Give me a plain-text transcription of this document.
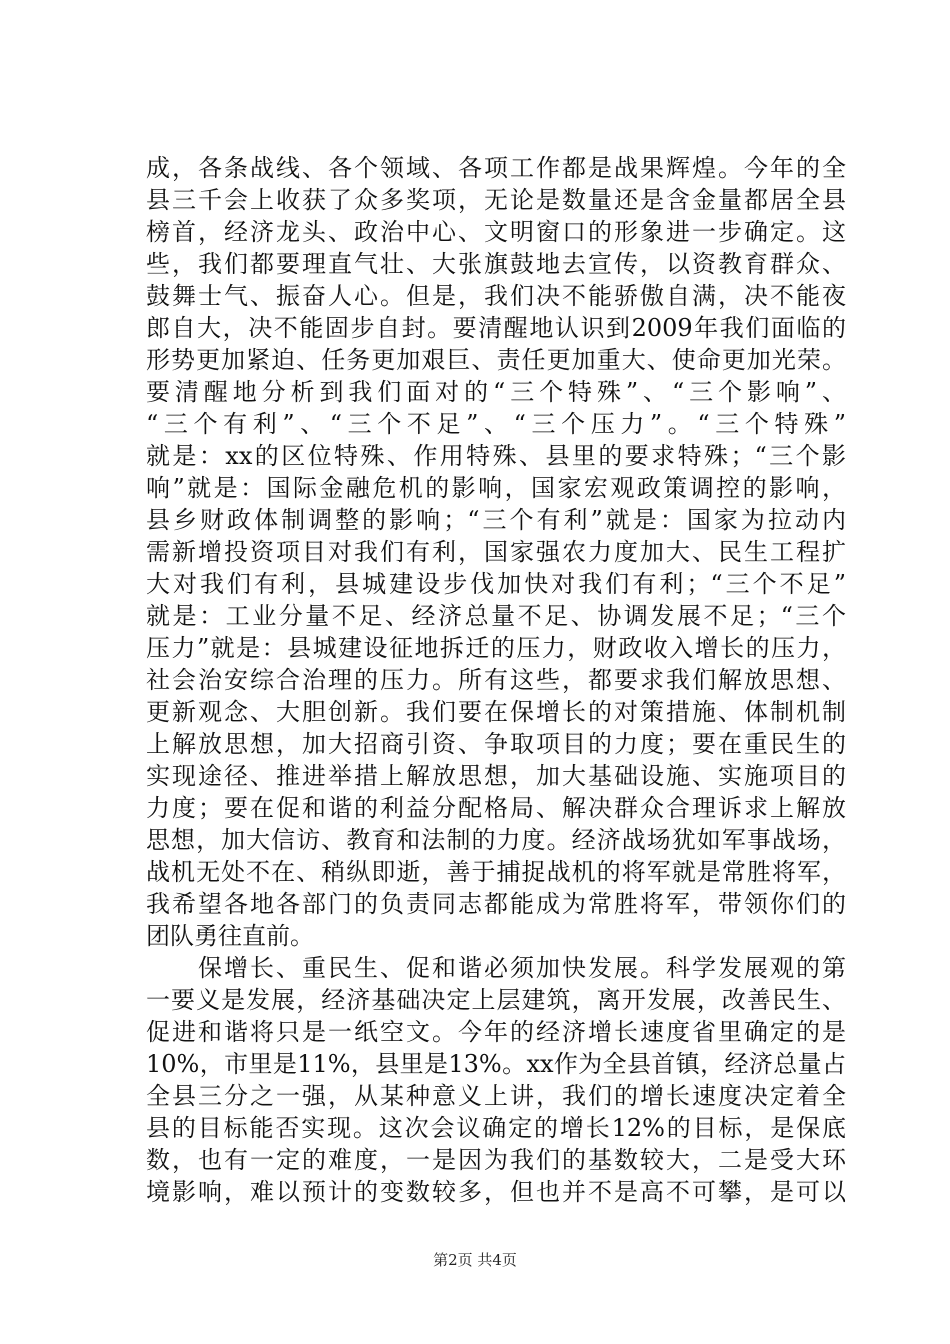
成，各条战线、各个领域、各项工作都是战果辉煌。今年的全
县三千会上收获了众多奖项，无论是数量还是含金量都居全县
榜首，经济龙头、政治中心、文明窗口的形象进一步确定。这
些，我们都要理直气壮、大张旗鼓地去宣传，以资教育群众、
鼓舞士气、振奋人心。但是，我们决不能骄傲自满，决不能夜
郎自大，决不能固步自封。要清醒地认识到2009年我们面临的
形势更加紧迫、任务更加艰巨、责任更加重大、使命更加光荣。
要清醒地分析到我们面对的“三个特殊”、“三个影响”、
“三个有利”、“三个不足”、“三个压力”。“三个特殊”
就是：xx的区位特殊、作用特殊、县里的要求特殊；“三个影
响”就是：国际金融危机的影响，国家宏观政策调控的影响，
县乡财政体制调整的影响；“三个有利”就是：国家为拉动内
需新增投资项目对我们有利，国家强农力度加大、民生工程扩
大对我们有利，县城建设步伐加快对我们有利；“三个不足”
就是：工业分量不足、经济总量不足、协调发展不足；“三个
压力”就是：县城建设征地拆迁的压力，财政收入增长的压力，
社会治安综合治理的压力。所有这些，都要求我们解放思想、
更新观念、大胆创新。我们要在保增长的对策措施、体制机制
上解放思想，加大招商引资、争取项目的力度；要在重民生的
实现途径、推进举措上解放思想，加大基础设施、实施项目的
力度；要在促和谐的利益分配格局、解决群众合理诉求上解放
思想，加大信访、教育和法制的力度。经济战场犹如军事战场，
战机无处不在、稍纵即逝，善于捕捉战机的将军就是常胜将军，
我希望各地各部门的负责同志都能成为常胜将军，带领你们的
团队勇往直前。
　　保增长、重民生、促和谐必须加快发展。科学发展观的第
一要义是发展，经济基础决定上层建筑，离开发展，改善民生、
促进和谐将只是一纸空文。今年的经济增长速度省里确定的是
10%，市里是11%，县里是13%。xx作为全县首镇，经济总量占
全县三分之一强，从某种意义上讲，我们的增长速度决定着全
县的目标能否实现。这次会议确定的增长12%的目标，是保底
数，也有一定的难度，一是因为我们的基数较大，二是受大环
境影响，难以预计的变数较多，但也并不是高不可攀，是可以
第2页 共4页
